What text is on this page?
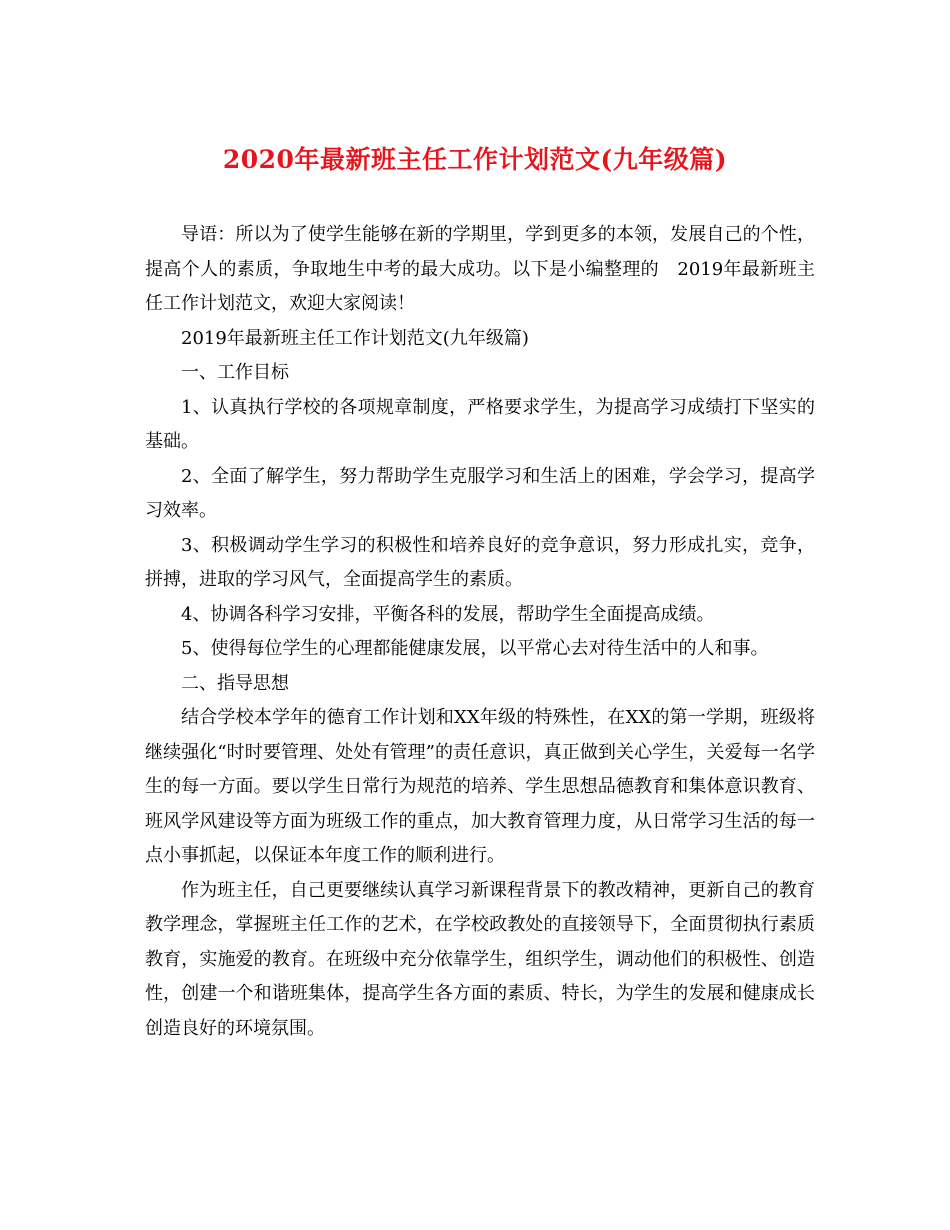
2020年最新班主任工作计划范文(九年级篇)

导语：所以为了使学生能够在新的学期里，学到更多的本领，发展自己的个性，提高个人的素质，争取地生中考的最大成功。以下是小编整理的　2019年最新班主任工作计划范文，欢迎大家阅读！

2019年最新班主任工作计划范文(九年级篇)

一、工作目标

1、认真执行学校的各项规章制度，严格要求学生，为提高学习成绩打下坚实的基础。

2、全面了解学生，努力帮助学生克服学习和生活上的困难，学会学习，提高学习效率。

3、积极调动学生学习的积极性和培养良好的竞争意识，努力形成扎实，竞争，拼搏，进取的学习风气，全面提高学生的素质。

4、协调各科学习安排，平衡各科的发展，帮助学生全面提高成绩。

5、使得每位学生的心理都能健康发展，以平常心去对待生活中的人和事。

二、指导思想

结合学校本学年的德育工作计划和XX年级的特殊性，在XX的第一学期，班级将继续强化“时时要管理、处处有管理”的责任意识，真正做到关心学生，关爱每一名学生的每一方面。要以学生日常行为规范的培养、学生思想品德教育和集体意识教育、班风学风建设等方面为班级工作的重点，加大教育管理力度，从日常学习生活的每一点小事抓起，以保证本年度工作的顺利进行。

作为班主任，自己更要继续认真学习新课程背景下的教改精神，更新自己的教育教学理念，掌握班主任工作的艺术，在学校政教处的直接领导下，全面贯彻执行素质教育，实施爱的教育。在班级中充分依靠学生，组织学生，调动他们的积极性、创造性，创建一个和谐班集体，提高学生各方面的素质、特长，为学生的发展和健康成长创造良好的环境氛围。
